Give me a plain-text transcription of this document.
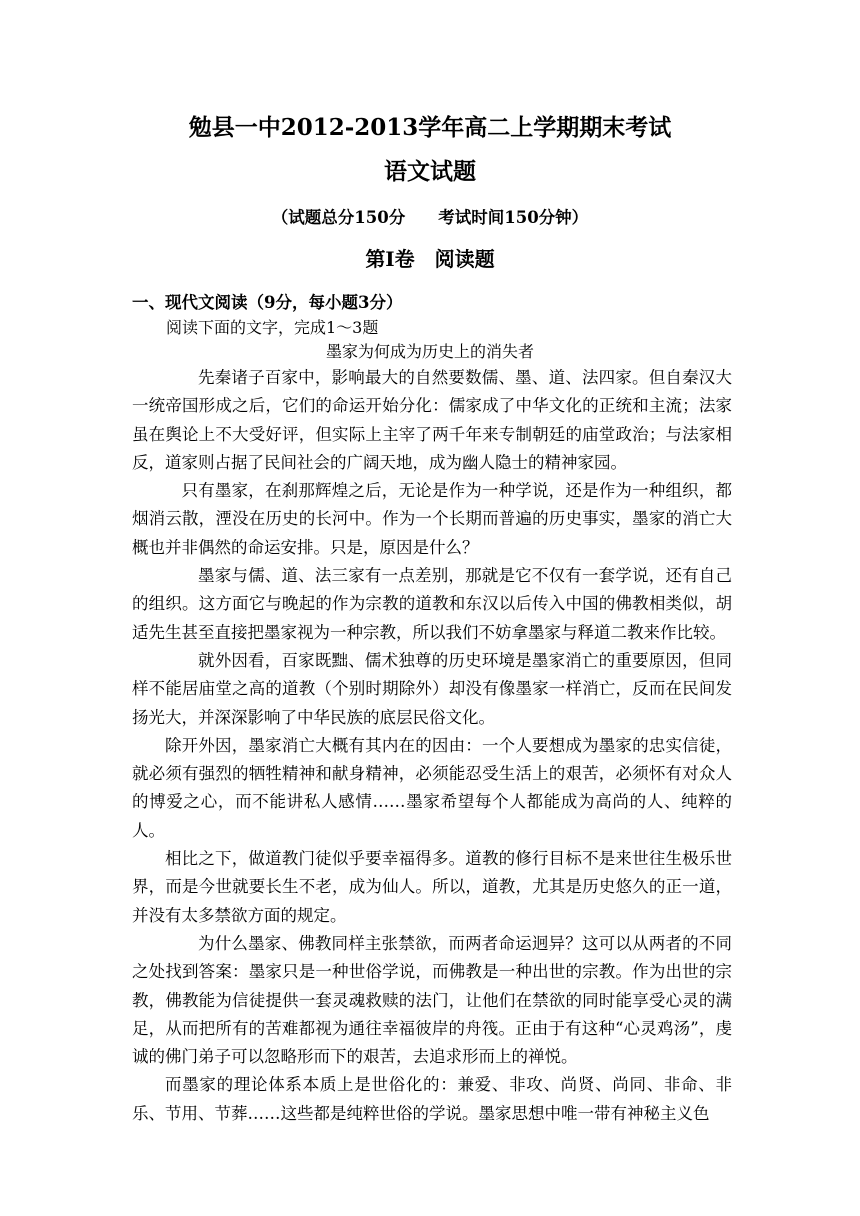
勉县一中2012-2013学年高二上学期期末考试
语文试题
（试题总分150分　　考试时间150分钟）
第Ⅰ卷　阅读题
一、现代文阅读（9分，每小题3分）
阅读下面的文字，完成1～3题
墨家为何成为历史上的消失者

先秦诸子百家中，影响最大的自然要数儒、墨、道、法四家。但自秦汉大一统帝国形成之后，它们的命运开始分化：儒家成了中华文化的正统和主流；法家虽在舆论上不大受好评，但实际上主宰了两千年来专制朝廷的庙堂政治；与法家相反，道家则占据了民间社会的广阔天地，成为幽人隐士的精神家园。

只有墨家，在刹那辉煌之后，无论是作为一种学说，还是作为一种组织，都烟消云散，湮没在历史的长河中。作为一个长期而普遍的历史事实，墨家的消亡大概也并非偶然的命运安排。只是，原因是什么？

墨家与儒、道、法三家有一点差别，那就是它不仅有一套学说，还有自己的组织。这方面它与晚起的作为宗教的道教和东汉以后传入中国的佛教相类似，胡适先生甚至直接把墨家视为一种宗教，所以我们不妨拿墨家与释道二教来作比较。

就外因看，百家既黜、儒术独尊的历史环境是墨家消亡的重要原因，但同样不能居庙堂之高的道教（个别时期除外）却没有像墨家一样消亡，反而在民间发扬光大，并深深影响了中华民族的底层民俗文化。

除开外因，墨家消亡大概有其内在的因由：一个人要想成为墨家的忠实信徒，就必须有强烈的牺牲精神和献身精神，必须能忍受生活上的艰苦，必须怀有对众人的博爱之心，而不能讲私人感情……墨家希望每个人都能成为高尚的人、纯粹的人。

相比之下，做道教门徒似乎要幸福得多。道教的修行目标不是来世往生极乐世界，而是今世就要长生不老，成为仙人。所以，道教，尤其是历史悠久的正一道，并没有太多禁欲方面的规定。

为什么墨家、佛教同样主张禁欲，而两者命运迥异？这可以从两者的不同之处找到答案：墨家只是一种世俗学说，而佛教是一种出世的宗教。作为出世的宗教，佛教能为信徒提供一套灵魂救赎的法门，让他们在禁欲的同时能享受心灵的满足，从而把所有的苦难都视为通往幸福彼岸的舟筏。正由于有这种“心灵鸡汤”，虔诚的佛门弟子可以忽略形而下的艰苦，去追求形而上的禅悦。

而墨家的理论体系本质上是世俗化的：兼爱、非攻、尚贤、尚同、非命、非乐、节用、节葬……这些都是纯粹世俗的学说。墨家思想中唯一带有神秘主义色
